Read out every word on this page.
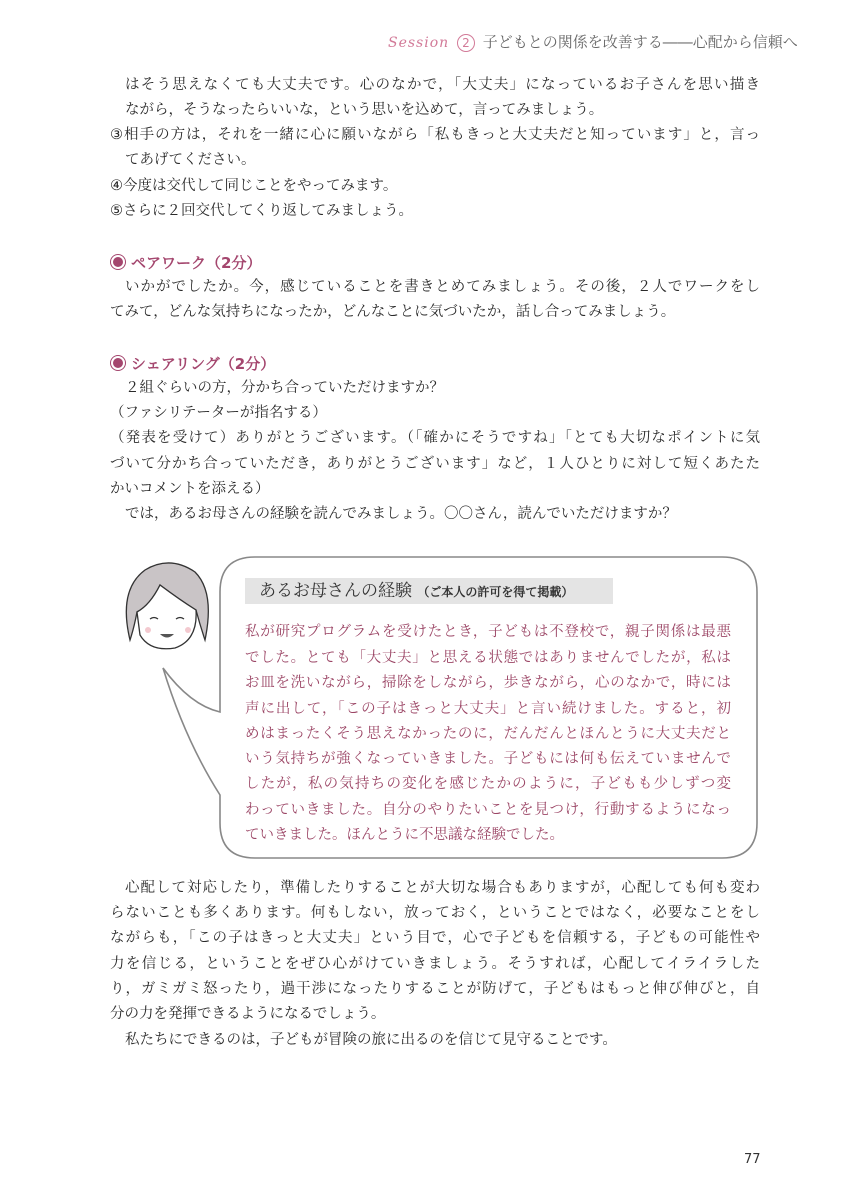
Session 2 子どもとの関係を改善する――心配から信頼へ
はそう思えなくても大丈夫です。心のなかで，「大丈夫」になっているお子さんを思い描き
ながら，そうなったらいいな，という思いを込めて，言ってみましょう。
③相手の方は，それを一緒に心に願いながら「私もきっと大丈夫だと知っています」と，言っ
てあげてください。
④今度は交代して同じことをやってみます。
⑤さらに２回交代してくり返してみましょう。
ペアワーク（2分）
いかがでしたか。今，感じていることを書きとめてみましょう。その後，２人でワークをし
てみて，どんな気持ちになったか，どんなことに気づいたか，話し合ってみましょう。
シェアリング（2分）
２組ぐらいの方，分かち合っていただけますか？
（ファシリテーターが指名する）
（発表を受けて）ありがとうございます。（「確かにそうですね」「とても大切なポイントに気
づいて分かち合っていただき，ありがとうございます」など，１人ひとりに対して短くあたた
かいコメントを添える）
では，あるお母さんの経験を読んでみましょう。〇〇さん，読んでいただけますか？
あるお母さんの経験 （ご本人の許可を得て掲載）
私が研究プログラムを受けたとき，子どもは不登校で，親子関係は最悪
でした。とても「大丈夫」と思える状態ではありませんでしたが，私は
お皿を洗いながら，掃除をしながら，歩きながら，心のなかで，時には
声に出して，「この子はきっと大丈夫」と言い続けました。すると，初
めはまったくそう思えなかったのに，だんだんとほんとうに大丈夫だと
いう気持ちが強くなっていきました。子どもには何も伝えていませんで
したが，私の気持ちの変化を感じたかのように，子どもも少しずつ変
わっていきました。自分のやりたいことを見つけ，行動するようになっ
ていきました。ほんとうに不思議な経験でした。
心配して対応したり，準備したりすることが大切な場合もありますが，心配しても何も変わ
らないことも多くあります。何もしない，放っておく，ということではなく，必要なことをし
ながらも，「この子はきっと大丈夫」という目で，心で子どもを信頼する，子どもの可能性や
力を信じる，ということをぜひ心がけていきましょう。そうすれば，心配してイライラした
り，ガミガミ怒ったり，過干渉になったりすることが防げて，子どもはもっと伸び伸びと，自
分の力を発揮できるようになるでしょう。
私たちにできるのは，子どもが冒険の旅に出るのを信じて見守ることです。
77
